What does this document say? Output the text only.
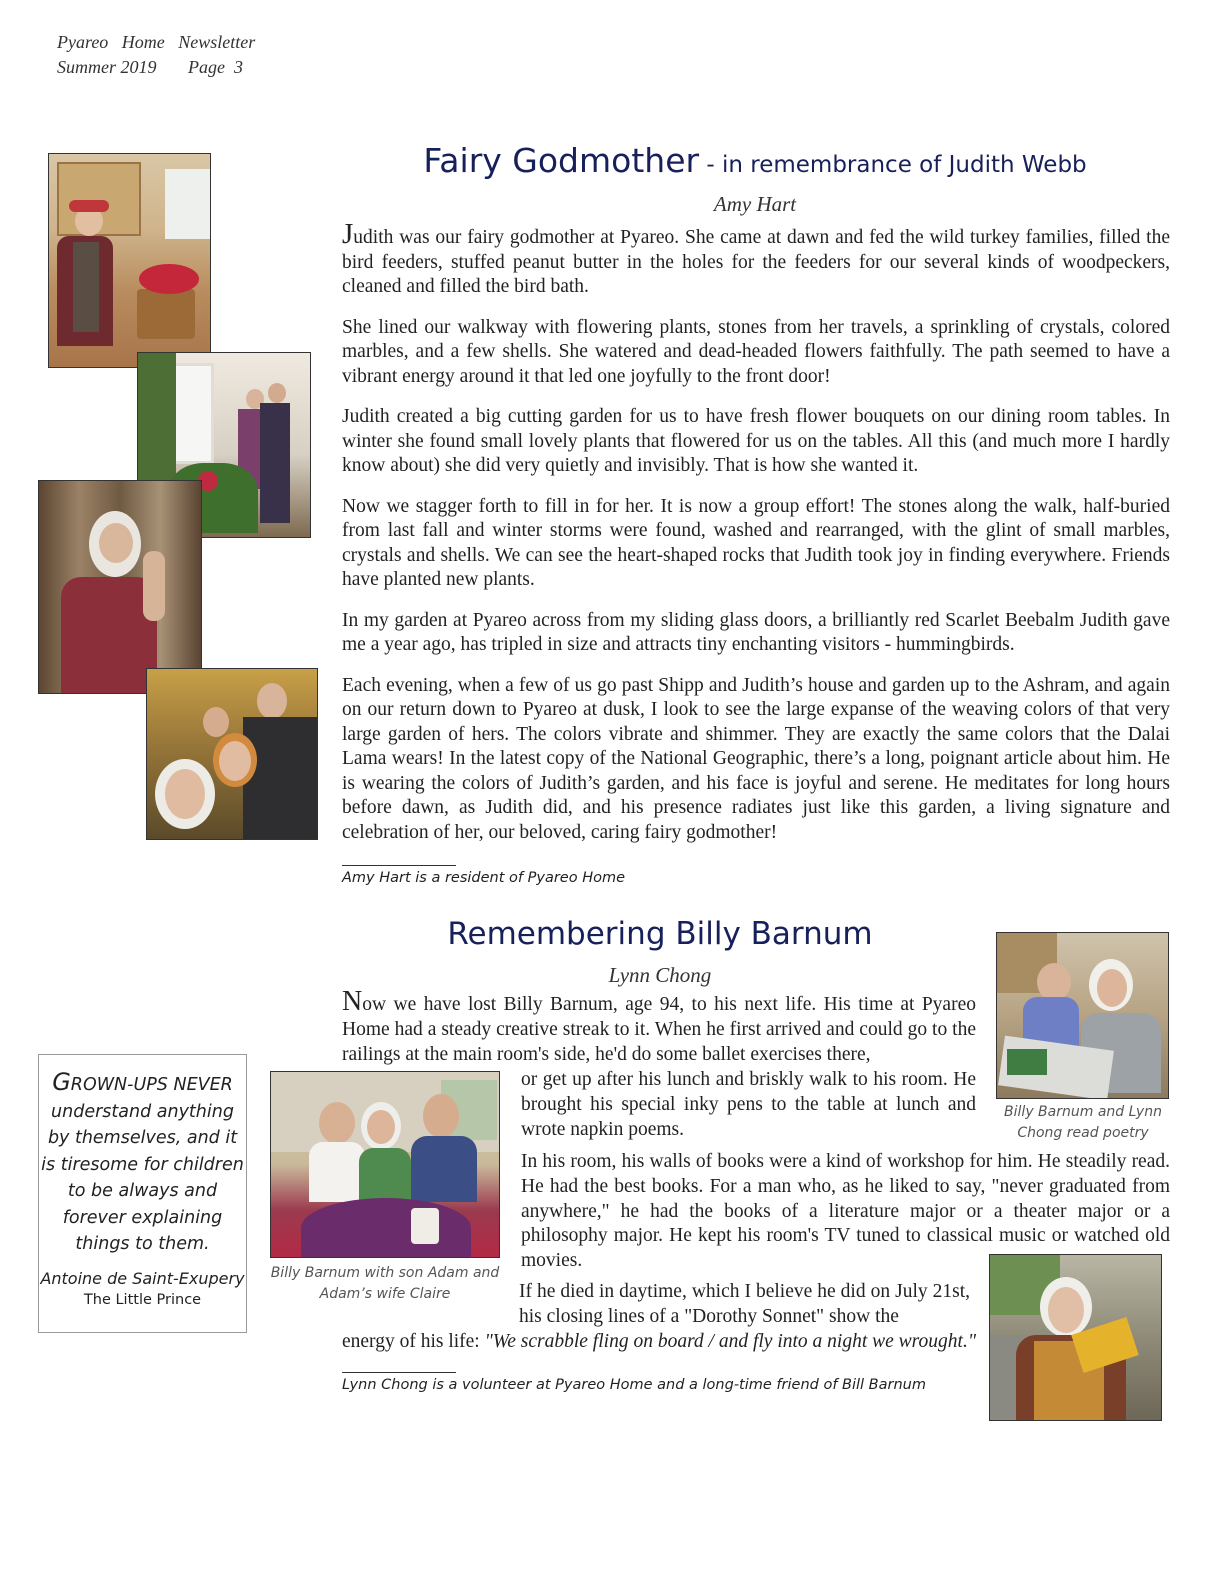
Pyareo   Home   Newsletter
Summer 2019       Page  3
Fairy Godmother - in remembrance of Judith Webb
Amy Hart

Judith was our fairy godmother at Pyareo. She came at dawn and fed the wild turkey families, filled the bird feeders, stuffed peanut butter in the holes for the feeders for our several kinds of woodpeckers, cleaned and filled the bird bath.

She lined our walkway with flowering plants, stones from her travels, a sprinkling of crystals, colored marbles, and a few shells. She watered and dead-headed flowers faithfully. The path seemed to have a vibrant energy around it that led one joyfully to the front door!

Judith created a big cutting garden for us to have fresh flower bouquets on our dining room tables. In winter she found small lovely plants that flowered for us on the tables. All this (and much more I hardly know about) she did very quietly and invisibly. That is how she wanted it.

Now we stagger forth to fill in for her. It is now a group effort! The stones along the walk, half-buried from last fall and winter storms were found, washed and rearranged, with the glint of small marbles, crystals and shells. We can see the heart-shaped rocks that Judith took joy in finding everywhere. Friends have planted new plants.

In my garden at Pyareo across from my sliding glass doors, a brilliantly red Scarlet Beebalm Judith gave me a year ago, has tripled in size and attracts tiny enchanting visitors - hummingbirds.

Each evening, when a few of us go past Shipp and Judith’s house and garden up to the Ashram, and again on our return down to Pyareo at dusk, I look to see the large expanse of the weaving colors of that very large garden of hers. The colors vibrate and shimmer. They are exactly the same colors that the Dalai Lama wears! In the latest copy of the National Geographic, there’s a long, poignant article about him. He is wearing the colors of Judith’s garden, and his face is joyful and serene. He meditates for long hours before dawn, as Judith did, and his presence radiates just like this garden, a living signature and celebration of her, our beloved, caring fairy godmother!

Amy Hart is a resident of Pyareo Home
Remembering Billy Barnum
Lynn Chong
Now we have lost Billy Barnum, age 94, to his next life. His time at Pyareo Home had a steady creative streak to it. When he first arrived and could go to the railings at the main room's side, he'd do some ballet exercises there,
or get up after his lunch and briskly walk to his room. He brought his special inky pens to the table at lunch and wrote napkin poems.
In his room, his walls of books were a kind of workshop for him. He steadily read. He had the best books. For a man who, as he liked to say, "never graduated from anywhere," he had the books of a literature major or a theater major or a philosophy major. He kept his room's TV tuned to classical music or watched old movies.
If he died in daytime, which I believe he did on July 21st, his closing lines of a "Dorothy Sonnet" show the
energy of his life: "We scrabble fling on board / and fly into a night we wrought."
Lynn Chong is a volunteer at Pyareo Home and a long-time friend of Bill Barnum
Billy Barnum and Lynn Chong read poetry
Billy Barnum with son Adam and Adam’s wife Claire
GROWN-UPS NEVER
understand anything by themselves, and it is tiresome for children to be always and forever explaining things to them.
Antoine de Saint-Exupery
The Little Prince
